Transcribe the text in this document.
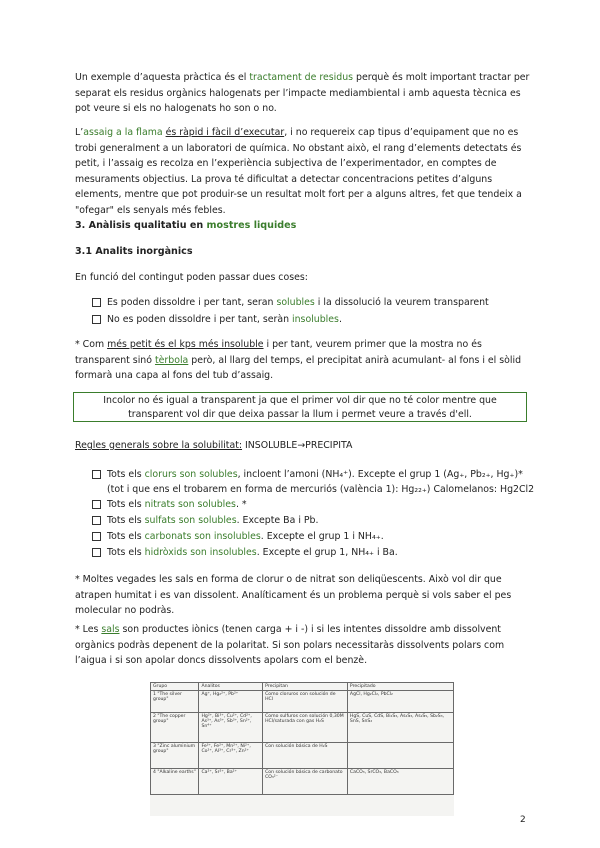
Un exemple d’aquesta pràctica és el tractament de residus perquè és molt important tractar per separat els residus orgànics halogenats per l’impacte mediambiental i amb aquesta tècnica es pot veure si els no halogenats ho son o no.
L’assaig a la flama és ràpid i fàcil d’executar, i no requereix cap tipus d’equipament que no es trobi generalment a un laboratori de química. No obstant això, el rang d’elements detectats és petit, i l’assaig es recolza en l’experiència subjectiva de l’experimentador, en comptes de mesuraments objectius. La prova té dificultat a detectar concentracions petites d’alguns elements, mentre que pot produir-se un resultat molt fort per a alguns altres, fet que tendeix a "ofegar" els senyals més febles.
3. Anàlisis qualitatiu en mostres liquides
3.1 Analits inorgànics
En funció del contingut poden passar dues coses:
Es poden dissoldre i per tant, seran solubles i la dissolució la veurem transparent
No es poden dissoldre i per tant, seràn insolubles.
* Com més petit és el kps més insoluble i per tant, veurem primer que la mostra no és transparent sinó tèrbola però, al llarg del temps, el precipitat anirà acumulant- al fons i el sòlid formarà una capa al fons del tub d’assaig.
Incolor no és igual a transparent ja que el primer vol dir que no té color mentre que transparent vol dir que deixa passar la llum i permet veure a través d'ell.
Regles generals sobre la solubilitat: INSOLUBLE→PRECIPITA
Tots els clorurs son solubles, incloent l’amoni (NH₄⁺). Excepte el grup 1 (Ag₊, Pb₂₊, Hg₊)* (tot i que ens el trobarem en forma de mercuriós (valència 1): Hg₂₂₊) Calomelanos: Hg2Cl2
Tots els nitrats son solubles. *
Tots els sulfats son solubles. Excepte Ba i Pb.
Tots els carbonats son insolubles. Excepte el grup 1 i NH₄₊.
Tots els hidròxids son insolubles. Excepte el grup 1, NH₄₊ i Ba.
* Moltes vegades les sals en forma de clorur o de nitrat son deliqüescents. Això vol dir que atrapen humitat i es van dissolent. Analíticament és un problema perquè si vols saber el pes molecular no podràs.
* Les sals son productes iònics (tenen carga + i -) i si les intentes dissoldre amb dissolvent orgànics podràs depenent de la polaritat. Si son polars necessitaràs dissolvents polars com l’aigua i si son apolar doncs dissolvents apolars com el benzè.
Grupo	Analitos	Precipitan	Precipitado
1 "The silver group"	Ag⁺, Hg₂²⁺, Pb²⁺	Como cloruros con solución de HCl	AgCl, Hg₂Cl₂, PbCl₂
2 "The copper group"	Hg²⁺, Bi³⁺, Cu²⁺, Cd²⁺, As³⁺, As⁵⁺, Sb³⁺, Sn²⁺, Sn⁴⁺	Como sulfuros con solución 0,30M HCl/saturada con gas H₂S	HgS, CuS, CdS, Bi₂S₃, As₂S₃, As₂S₅, Sb₂S₃, SnS, SnS₂
3 "Zinc aluminium group"	Fe³⁺, Fe²⁺, Mn²⁺, Ni²⁺, Co²⁺, Al³⁺, Cr³⁺, Zn²⁺	Con solución básica de H₂S	
4 "Alkaline earths"	Ca²⁺, Sr²⁺, Ba²⁺	Con solución básica de carbonato CO₃²⁻	CaCO₃, SrCO₃, BaCO₃
2
